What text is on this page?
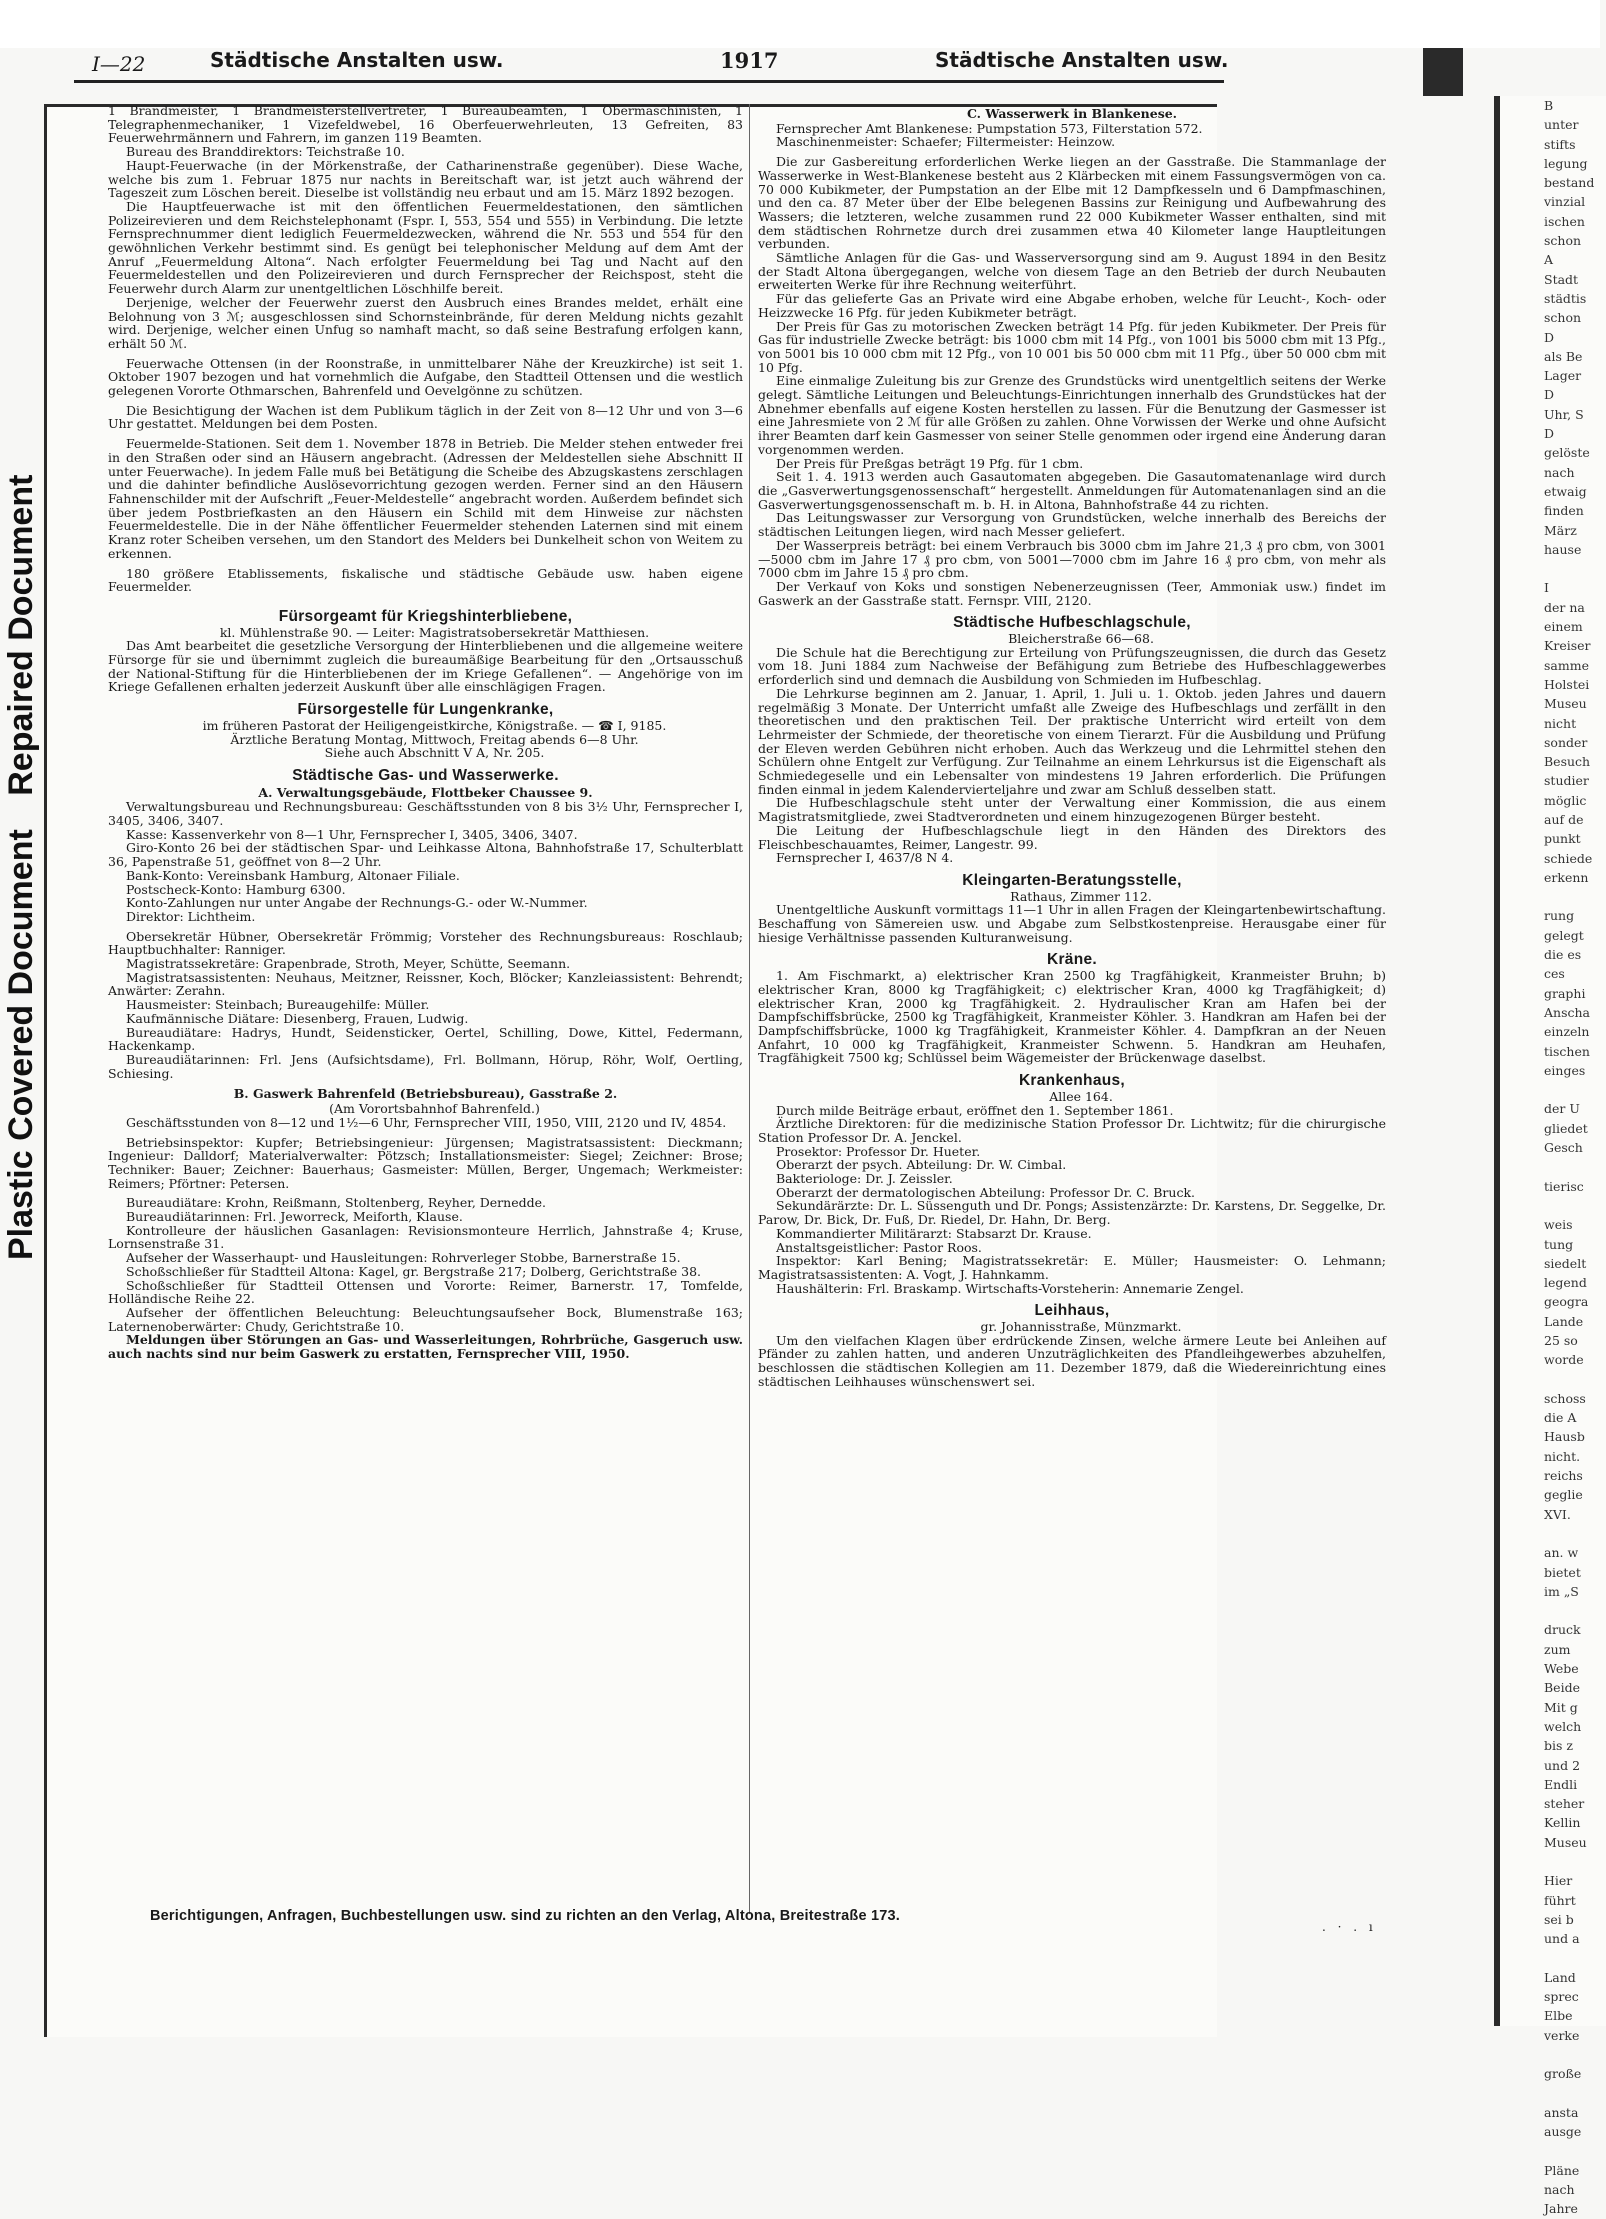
Plastic Covered Document Repaired Document
B
unter
stifts
legung
bestand
vinzial
ischen
schon
A
Stadt
städtis
schon
D
als Be
Lager
D
Uhr, S
D
gelöste
nach
etwaig
finden
März
hause

I
der na
einem
Kreiser
samme
Holstei
Museu
nicht
sonder
Besuch
studier
möglic
auf de
punkt
schiede
erkenn

rung
gelegt
die es
ces
graphi
Anscha
einzeln
tischen
einges

der U
gliedet
Gesch

tierisc

weis
tung
siedelt
legend
geogra
Lande
25 so
worde

schoss
die A
Hausb
nicht.
reichs
geglie
XVI.

an. w
bietet
im „S

druck
zum
Webe
Beide
Mit g
welch
bis z
und 2
Endli
steher
Kellin
Museu

Hier
führt
sei b
und a

Land
sprec
Elbe
verke

große

ansta
ausge

Pläne
nach
Jahre
I—22	Städtische Anstalten usw.	1917	Städtische Anstalten usw.

1 Brandmeister, 1 Brandmeisterstellvertreter, 1 Bureaubeamten, 1 Obermaschinisten, 1 Telegraphenmechaniker, 1 Vizefeldwebel, 16 Oberfeuerwehrleuten, 13 Gefreiten, 83 Feuerwehrmännern und Fahrern, im ganzen 119 Beamten.

Bureau des Branddirektors: Teichstraße 10.

Haupt-Feuerwache (in der Mörkenstraße, der Catharinenstraße gegenüber). Diese Wache, welche bis zum 1. Februar 1875 nur nachts in Bereitschaft war, ist jetzt auch während der Tageszeit zum Löschen bereit. Dieselbe ist vollständig neu erbaut und am 15. März 1892 bezogen.

Die Hauptfeuerwache ist mit den öffentlichen Feuermeldestationen, den sämtlichen Polizeirevieren und dem Reichstelephonamt (Fspr. I, 553, 554 und 555) in Verbindung. Die letzte Fernsprechnummer dient lediglich Feuermeldezwecken, während die Nr. 553 und 554 für den gewöhnlichen Verkehr bestimmt sind. Es genügt bei telephonischer Meldung auf dem Amt der Anruf „Feuermeldung Altona“. Nach erfolgter Feuermeldung bei Tag und Nacht auf den Feuermeldestellen und den Polizeirevieren und durch Fernsprecher der Reichspost, steht die Feuerwehr durch Alarm zur unentgeltlichen Löschhilfe bereit.

Derjenige, welcher der Feuerwehr zuerst den Ausbruch eines Brandes meldet, erhält eine Belohnung von 3 ℳ; ausgeschlossen sind Schornsteinbrände, für deren Meldung nichts gezahlt wird. Derjenige, welcher einen Unfug so namhaft macht, so daß seine Bestrafung erfolgen kann, erhält 50 ℳ.

Feuerwache Ottensen (in der Roonstraße, in unmittelbarer Nähe der Kreuzkirche) ist seit 1. Oktober 1907 bezogen und hat vornehmlich die Aufgabe, den Stadtteil Ottensen und die westlich gelegenen Vororte Othmarschen, Bahrenfeld und Oevelgönne zu schützen.

Die Besichtigung der Wachen ist dem Publikum täglich in der Zeit von 8—12 Uhr und von 3—6 Uhr gestattet. Meldungen bei dem Posten.

Feuermelde-Stationen. Seit dem 1. November 1878 in Betrieb. Die Melder stehen entweder frei in den Straßen oder sind an Häusern angebracht. (Adressen der Meldestellen siehe Abschnitt II unter Feuerwache). In jedem Falle muß bei Betätigung die Scheibe des Abzugskastens zerschlagen und die dahinter befindliche Auslösevorrichtung gezogen werden. Ferner sind an den Häusern Fahnenschilder mit der Aufschrift „Feuer-Meldestelle“ angebracht worden. Außerdem befindet sich über jedem Postbriefkasten an den Häusern ein Schild mit dem Hinweise zur nächsten Feuermeldestelle. Die in der Nähe öffentlicher Feuermelder stehenden Laternen sind mit einem Kranz roter Scheiben versehen, um den Standort des Melders bei Dunkelheit schon von Weitem zu erkennen.

180 größere Etablissements, fiskalische und städtische Gebäude usw. haben eigene Feuermelder.

Fürsorgeamt für Kriegshinterbliebene,

kl. Mühlenstraße 90. — Leiter: Magistratsobersekretär Matthiesen.

Das Amt bearbeitet die gesetzliche Versorgung der Hinterbliebenen und die allgemeine weitere Fürsorge für sie und übernimmt zugleich die bureaumäßige Bearbeitung für den „Ortsausschuß der National-Stiftung für die Hinterbliebenen der im Kriege Gefallenen“. — Angehörige von im Kriege Gefallenen erhalten jederzeit Auskunft über alle einschlägigen Fragen.

Fürsorgestelle für Lungenkranke,

im früheren Pastorat der Heiligengeistkirche, Königstraße. — ☎ I, 9185.

Ärztliche Beratung Montag, Mittwoch, Freitag abends 6—8 Uhr.

Siehe auch Abschnitt V A, Nr. 205.

Städtische Gas- und Wasserwerke.
A. Verwaltungsgebäude, Flottbeker Chaussee 9.

Verwaltungsbureau und Rechnungsbureau: Geschäftsstunden von 8 bis 3½ Uhr, Fernsprecher I, 3405, 3406, 3407.

Kasse: Kassenverkehr von 8—1 Uhr, Fernsprecher I, 3405, 3406, 3407.

Giro-Konto 26 bei der städtischen Spar- und Leihkasse Altona, Bahnhofstraße 17, Schulterblatt 36, Papenstraße 51, geöffnet von 8—2 Uhr.

Bank-Konto: Vereinsbank Hamburg, Altonaer Filiale.

Postscheck-Konto: Hamburg 6300.

Konto-Zahlungen nur unter Angabe der Rechnungs-G.- oder W.-Nummer.

Direktor: Lichtheim.

Obersekretär Hübner, Obersekretär Frömmig; Vorsteher des Rechnungsbureaus: Roschlaub; Hauptbuchhalter: Ranniger.

Magistratssekretäre: Grapenbrade, Stroth, Meyer, Schütte, Seemann.

Magistratsassistenten: Neuhaus, Meitzner, Reissner, Koch, Blöcker; Kanzleiassistent: Behrendt; Anwärter: Zerahn.

Hausmeister: Steinbach; Bureaugehilfe: Müller.

Kaufmännische Diätare: Diesenberg, Frauen, Ludwig.

Bureaudiätare: Hadrys, Hundt, Seidensticker, Oertel, Schilling, Dowe, Kittel, Federmann, Hackenkamp.

Bureaudiätarinnen: Frl. Jens (Aufsichtsdame), Frl. Bollmann, Hörup, Röhr, Wolf, Oertling, Schiesing.

B. Gaswerk Bahrenfeld (Betriebsbureau), Gasstraße 2.

(Am Vorortsbahnhof Bahrenfeld.)

Geschäftsstunden von 8—12 und 1½—6 Uhr, Fernsprecher VIII, 1950, VIII, 2120 und IV, 4854.

Betriebsinspektor: Kupfer; Betriebsingenieur: Jürgensen; Magistratsassistent: Dieckmann; Ingenieur: Dalldorf; Materialverwalter: Pötzsch; Installationsmeister: Siegel; Zeichner: Brose; Techniker: Bauer; Zeichner: Bauerhaus; Gasmeister: Müllen, Berger, Ungemach; Werkmeister: Reimers; Pförtner: Petersen.

Bureaudiätare: Krohn, Reißmann, Stoltenberg, Reyher, Dernedde.

Bureaudiätarinnen: Frl. Jeworreck, Meiforth, Klause.

Kontrolleure der häuslichen Gasanlagen: Revisionsmonteure Herrlich, Jahnstraße 4; Kruse, Lornsenstraße 31.

Aufseher der Wasserhaupt- und Hausleitungen: Rohrverleger Stobbe, Barnerstraße 15.

Schoßschließer für Stadtteil Altona: Kagel, gr. Bergstraße 217; Dolberg, Gerichtstraße 38.

Schoßschließer für Stadtteil Ottensen und Vororte: Reimer, Barnerstr. 17, Tomfelde, Holländische Reihe 22.

Aufseher der öffentlichen Beleuchtung: Beleuchtungsaufseher Bock, Blumenstraße 163; Laternenoberwärter: Chudy, Gerichtstraße 10.

Meldungen über Störungen an Gas- und Wasserleitungen, Rohrbrüche, Gasgeruch usw. auch nachts sind nur beim Gaswerk zu erstatten, Fernsprecher VIII, 1950.

C. Wasserwerk in Blankenese.

Fernsprecher Amt Blankenese: Pumpstation 573, Filterstation 572.

Maschinenmeister: Schaefer; Filtermeister: Heinzow.

Die zur Gasbereitung erforderlichen Werke liegen an der Gasstraße. Die Stammanlage der Wasserwerke in West-Blankenese besteht aus 2 Klärbecken mit einem Fassungsvermögen von ca. 70 000 Kubikmeter, der Pumpstation an der Elbe mit 12 Dampfkesseln und 6 Dampfmaschinen, und den ca. 87 Meter über der Elbe belegenen Bassins zur Reinigung und Aufbewahrung des Wassers; die letzteren, welche zusammen rund 22 000 Kubikmeter Wasser enthalten, sind mit dem städtischen Rohrnetze durch drei zusammen etwa 40 Kilometer lange Hauptleitungen verbunden.

Sämtliche Anlagen für die Gas- und Wasserversorgung sind am 9. August 1894 in den Besitz der Stadt Altona übergegangen, welche von diesem Tage an den Betrieb der durch Neubauten erweiterten Werke für ihre Rechnung weiterführt.

Für das gelieferte Gas an Private wird eine Abgabe erhoben, welche für Leucht-, Koch- oder Heizzwecke 16 Pfg. für jeden Kubikmeter beträgt.

Der Preis für Gas zu motorischen Zwecken beträgt 14 Pfg. für jeden Kubikmeter. Der Preis für Gas für industrielle Zwecke beträgt: bis 1000 cbm mit 14 Pfg., von 1001 bis 5000 cbm mit 13 Pfg., von 5001 bis 10 000 cbm mit 12 Pfg., von 10 001 bis 50 000 cbm mit 11 Pfg., über 50 000 cbm mit 10 Pfg.

Eine einmalige Zuleitung bis zur Grenze des Grundstücks wird unentgeltlich seitens der Werke gelegt. Sämtliche Leitungen und Beleuchtungs-Einrichtungen innerhalb des Grundstückes hat der Abnehmer ebenfalls auf eigene Kosten herstellen zu lassen. Für die Benutzung der Gasmesser ist eine Jahresmiete von 2 ℳ für alle Größen zu zahlen. Ohne Vorwissen der Werke und ohne Aufsicht ihrer Beamten darf kein Gasmesser von seiner Stelle genommen oder irgend eine Änderung daran vorgenommen werden.

Der Preis für Preßgas beträgt 19 Pfg. für 1 cbm.

Seit 1. 4. 1913 werden auch Gasautomaten abgegeben. Die Gasautomatenanlage wird durch die „Gasverwertungsgenossenschaft“ hergestellt. Anmeldungen für Automatenanlagen sind an die Gasverwertungsgenossenschaft m. b. H. in Altona, Bahnhofstraße 44 zu richten.

Das Leitungswasser zur Versorgung von Grundstücken, welche innerhalb des Bereichs der städtischen Leitungen liegen, wird nach Messer geliefert.

Der Wasserpreis beträgt: bei einem Verbrauch bis 3000 cbm im Jahre 21,3 ₰ pro cbm, von 3001—5000 cbm im Jahre 17 ₰ pro cbm, von 5001—7000 cbm im Jahre 16 ₰ pro cbm, von mehr als 7000 cbm im Jahre 15 ₰ pro cbm.

Der Verkauf von Koks und sonstigen Nebenerzeugnissen (Teer, Ammoniak usw.) findet im Gaswerk an der Gasstraße statt. Fernspr. VIII, 2120.

Städtische Hufbeschlagschule,

Bleicherstraße 66—68.

Die Schule hat die Berechtigung zur Erteilung von Prüfungszeugnissen, die durch das Gesetz vom 18. Juni 1884 zum Nachweise der Befähigung zum Betriebe des Hufbeschlaggewerbes erforderlich sind und demnach die Ausbildung von Schmieden im Hufbeschlag.

Die Lehrkurse beginnen am 2. Januar, 1. April, 1. Juli u. 1. Oktob. jeden Jahres und dauern regelmäßig 3 Monate. Der Unterricht umfaßt alle Zweige des Hufbeschlags und zerfällt in den theoretischen und den praktischen Teil. Der praktische Unterricht wird erteilt von dem Lehrmeister der Schmiede, der theoretische von einem Tierarzt. Für die Ausbildung und Prüfung der Eleven werden Gebühren nicht erhoben. Auch das Werkzeug und die Lehrmittel stehen den Schülern ohne Entgelt zur Verfügung. Zur Teilnahme an einem Lehrkursus ist die Eigenschaft als Schmiedegeselle und ein Lebensalter von mindestens 19 Jahren erforderlich. Die Prüfungen finden einmal in jedem Kalendervierteljahre und zwar am Schluß desselben statt.

Die Hufbeschlagschule steht unter der Verwaltung einer Kommission, die aus einem Magistratsmitgliede, zwei Stadtverordneten und einem hinzugezogenen Bürger besteht.

Die Leitung der Hufbeschlagschule liegt in den Händen des Direktors des Fleischbeschauamtes, Reimer, Langestr. 99.

Fernsprecher I, 4637/8 N 4.

Kleingarten-Beratungsstelle,

Rathaus, Zimmer 112.

Unentgeltliche Auskunft vormittags 11—1 Uhr in allen Fragen der Kleingartenbewirtschaftung. Beschaffung von Sämereien usw. und Abgabe zum Selbstkostenpreise. Herausgabe einer für hiesige Verhältnisse passenden Kulturanweisung.

Kräne.

1. Am Fischmarkt, a) elektrischer Kran 2500 kg Tragfähigkeit, Kranmeister Bruhn; b) elektrischer Kran, 8000 kg Tragfähigkeit; c) elektrischer Kran, 4000 kg Tragfähigkeit; d) elektrischer Kran, 2000 kg Tragfähigkeit. 2. Hydraulischer Kran am Hafen bei der Dampfschiffsbrücke, 2500 kg Tragfähigkeit, Kranmeister Köhler. 3. Handkran am Hafen bei der Dampfschiffsbrücke, 1000 kg Tragfähigkeit, Kranmeister Köhler. 4. Dampfkran an der Neuen Anfahrt, 10 000 kg Tragfähigkeit, Kranmeister Schwenn. 5. Handkran am Heuhafen, Tragfähigkeit 7500 kg; Schlüssel beim Wägemeister der Brückenwage daselbst.

Krankenhaus,

Allee 164.

Durch milde Beiträge erbaut, eröffnet den 1. September 1861.

Ärztliche Direktoren: für die medizinische Station Professor Dr. Lichtwitz; für die chirurgische Station Professor Dr. A. Jenckel.

Prosektor: Professor Dr. Hueter.

Oberarzt der psych. Abteilung: Dr. W. Cimbal.

Bakteriologe: Dr. J. Zeissler.

Oberarzt der dermatologischen Abteilung: Professor Dr. C. Bruck.

Sekundärärzte: Dr. L. Süssenguth und Dr. Pongs; Assistenzärzte: Dr. Karstens, Dr. Seggelke, Dr. Parow, Dr. Bick, Dr. Fuß, Dr. Riedel, Dr. Hahn, Dr. Berg.

Kommandierter Militärarzt: Stabsarzt Dr. Krause.

Anstaltsgeistlicher: Pastor Roos.

Inspektor: Karl Bening; Magistratssekretär: E. Müller; Hausmeister: O. Lehmann; Magistratsassistenten: A. Vogt, J. Hahnkamm.

Haushälterin: Frl. Braskamp. Wirtschafts-Vorsteherin: Annemarie Zengel.

Leihhaus,

gr. Johannisstraße, Münzmarkt.

Um den vielfachen Klagen über erdrückende Zinsen, welche ärmere Leute bei Anleihen auf Pfänder zu zahlen hatten, und anderen Unzuträglichkeiten des Pfandleihgewerbes abzuhelfen, beschlossen die städtischen Kollegien am 11. Dezember 1879, daß die Wiedereinrichtung eines städtischen Leihhauses wünschenswert sei.

Berichtigungen, Anfragen, Buchbestellungen usw. sind zu richten an den Verlag, Altona, Breitestraße 173.
. · . ı
